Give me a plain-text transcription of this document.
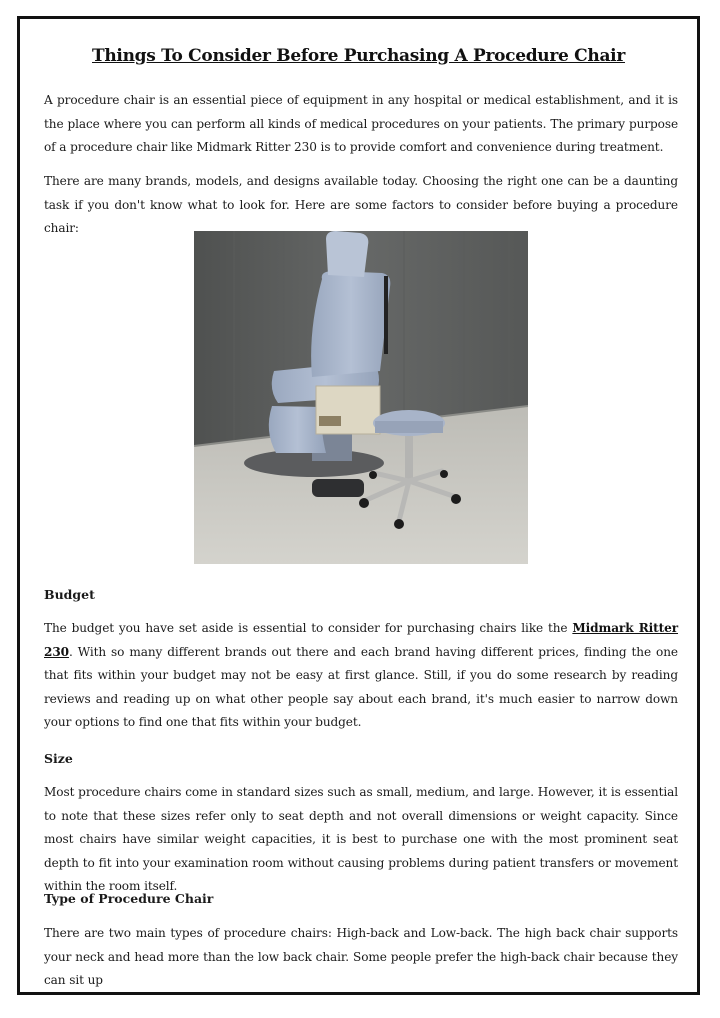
Things To Consider Before Purchasing A Procedure Chair

A procedure chair is an essential piece of equipment in any hospital or medical establishment, and it is the place where you can perform all kinds of medical procedures on your patients. The primary purpose of a procedure chair like Midmark Ritter 230 is to provide comfort and convenience during treatment.

There are many brands, models, and designs available today. Choosing the right one can be a daunting task if you don't know what to look for. Here are some factors to consider before buying a procedure chair:

Budget

The budget you have set aside is essential to consider for purchasing chairs like the Midmark Ritter 230. With so many different brands out there and each brand having different prices, finding the one that fits within your budget may not be easy at first glance. Still, if you do some research by reading reviews and reading up on what other people say about each brand, it's much easier to narrow down your options to find one that fits within your budget.

Size

Most procedure chairs come in standard sizes such as small, medium, and large. However, it is essential to note that these sizes refer only to seat depth and not overall dimensions or weight capacity. Since most chairs have similar weight capacities, it is best to purchase one with the most prominent seat depth to fit into your examination room without causing problems during patient transfers or movement within the room itself.

Type of Procedure Chair

There are two main types of procedure chairs: High-back and Low-back. The high back chair supports your neck and head more than the low back chair. Some people prefer the high-back chair because they can sit up
